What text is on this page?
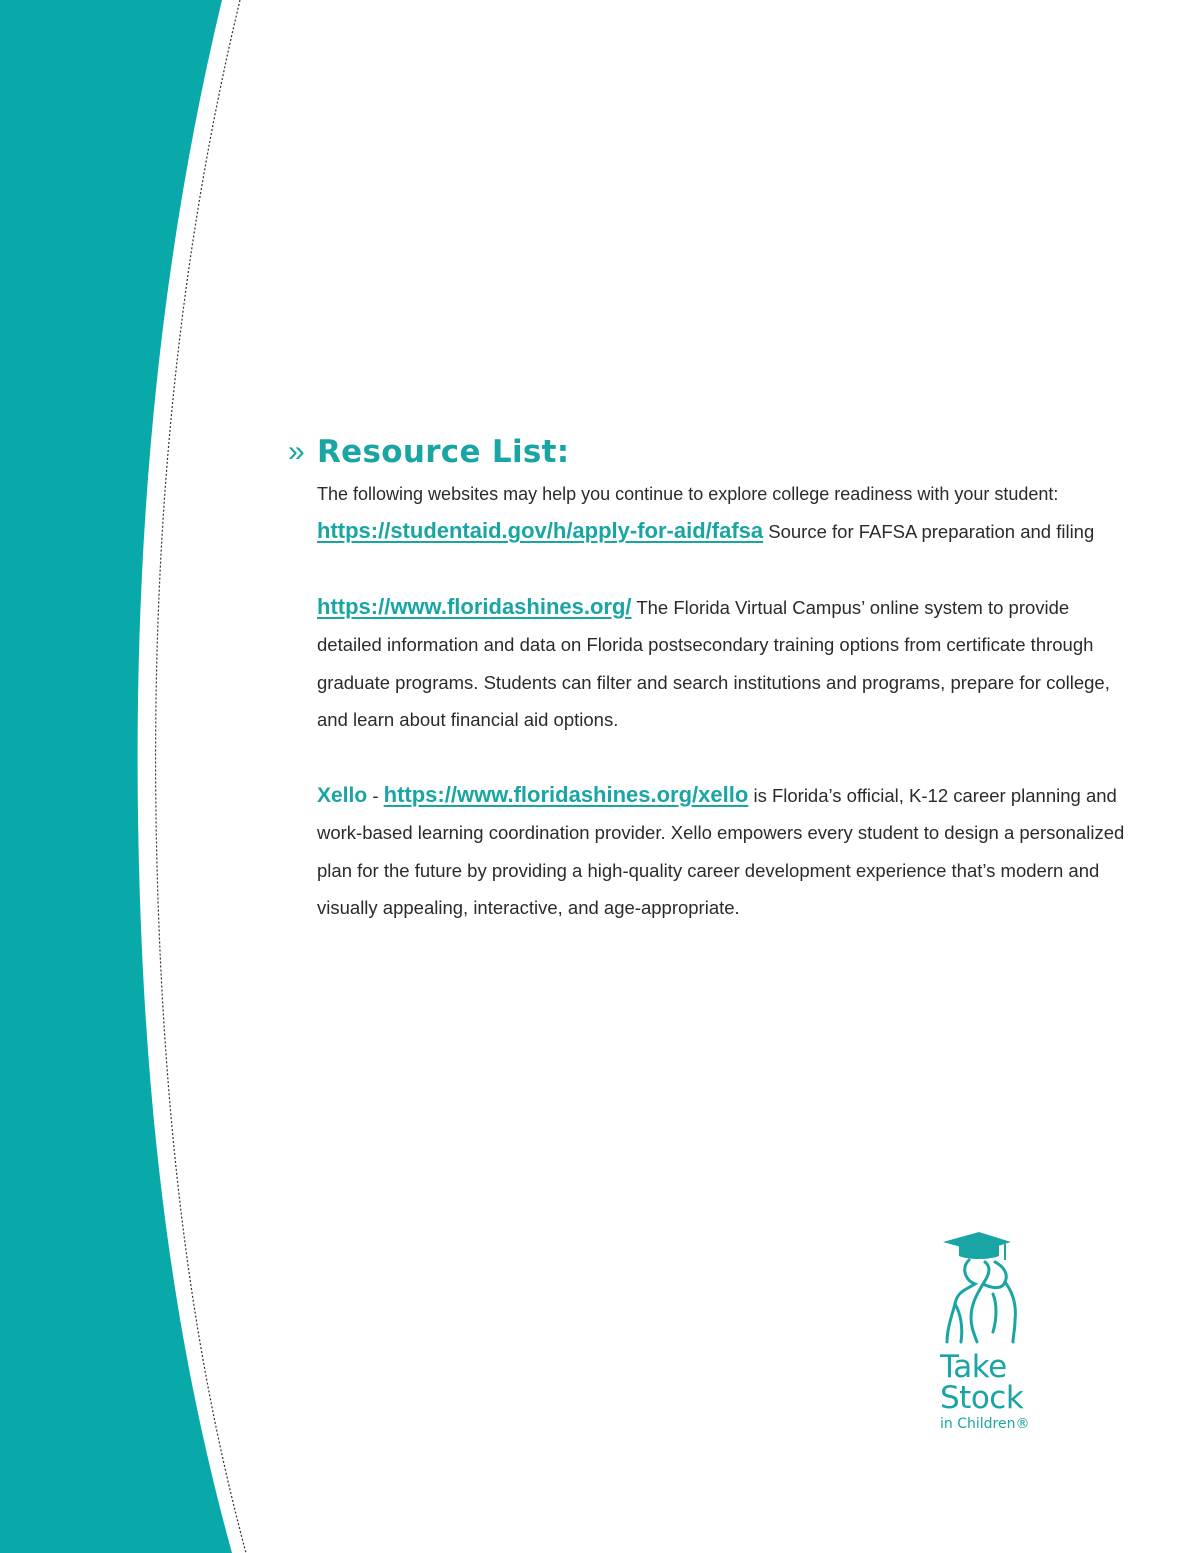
» Resource List:

The following websites may help you continue to explore college readiness with your student:

https://studentaid.gov/h/apply-for-aid/fafsa Source for FAFSA preparation and filing

https://www.floridashines.org/ The Florida Virtual Campus’ online system to provide detailed information and data on Florida postsecondary training options from certificate through graduate programs. Students can filter and search institutions and programs, prepare for college, and learn about financial aid options.

Xello - https://www.floridashines.org/xello is Florida’s official, K-12 career planning and work-based learning coordination provider. Xello empowers every student to design a personalized plan for the future by providing a high-quality career development experience that’s modern and visually appealing, interactive, and age-appropriate.

Take
Stock
in Children®
